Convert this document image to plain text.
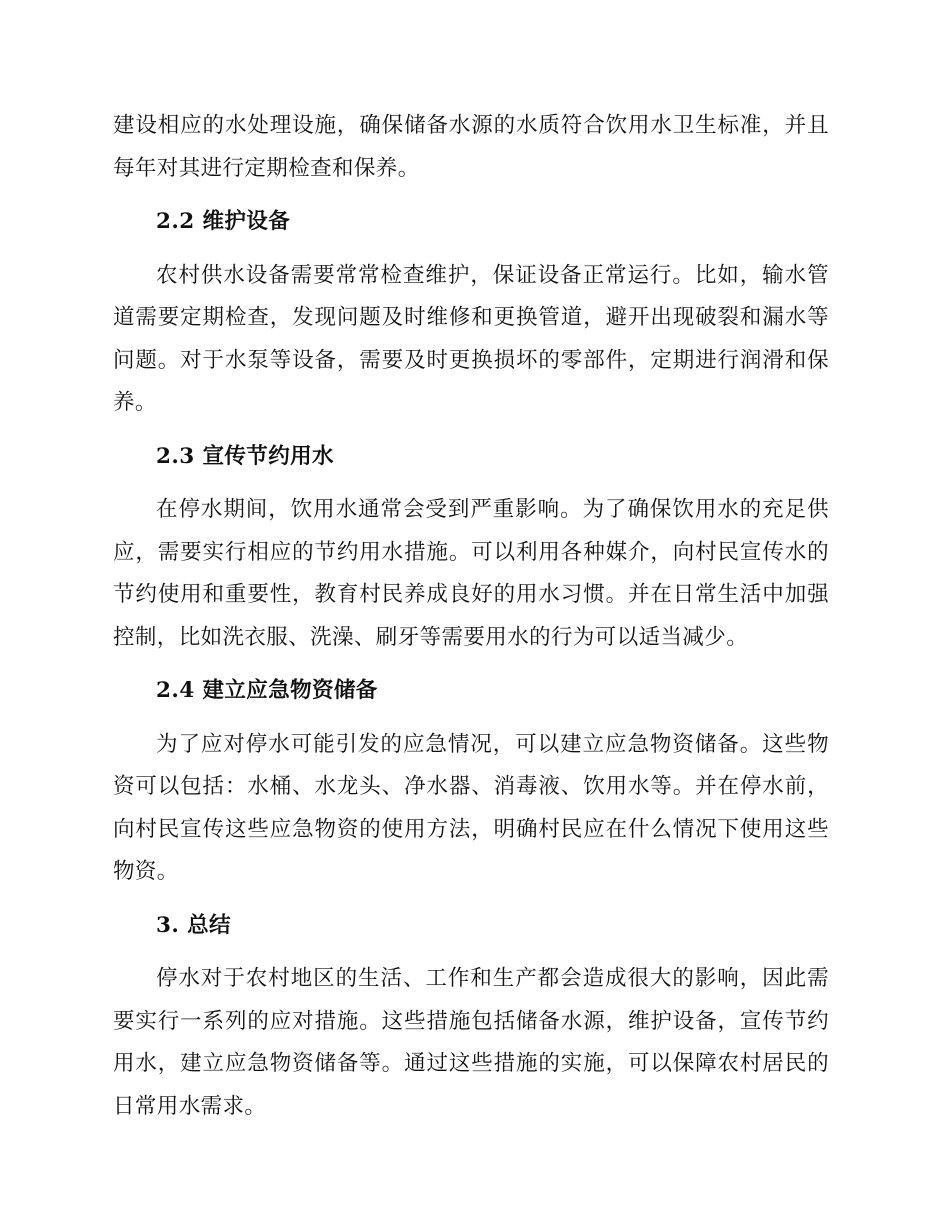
建设相应的水处理设施，确保储备水源的水质符合饮用水卫生标准，并且每年对其进行定期检查和保养。

2.2 维护设备

农村供水设备需要常常检查维护，保证设备正常运行。比如，输水管道需要定期检查，发现问题及时维修和更换管道，避开出现破裂和漏水等问题。对于水泵等设备，需要及时更换损坏的零部件，定期进行润滑和保养。

2.3 宣传节约用水

在停水期间，饮用水通常会受到严重影响。为了确保饮用水的充足供应，需要实行相应的节约用水措施。可以利用各种媒介，向村民宣传水的节约使用和重要性，教育村民养成良好的用水习惯。并在日常生活中加强控制，比如洗衣服、洗澡、刷牙等需要用水的行为可以适当减少。

2.4 建立应急物资储备

为了应对停水可能引发的应急情况，可以建立应急物资储备。这些物资可以包括：水桶、水龙头、净水器、消毒液、饮用水等。并在停水前，向村民宣传这些应急物资的使用方法，明确村民应在什么情况下使用这些物资。

3. 总结

停水对于农村地区的生活、工作和生产都会造成很大的影响，因此需要实行一系列的应对措施。这些措施包括储备水源，维护设备，宣传节约用水，建立应急物资储备等。通过这些措施的实施，可以保障农村居民的日常用水需求。
